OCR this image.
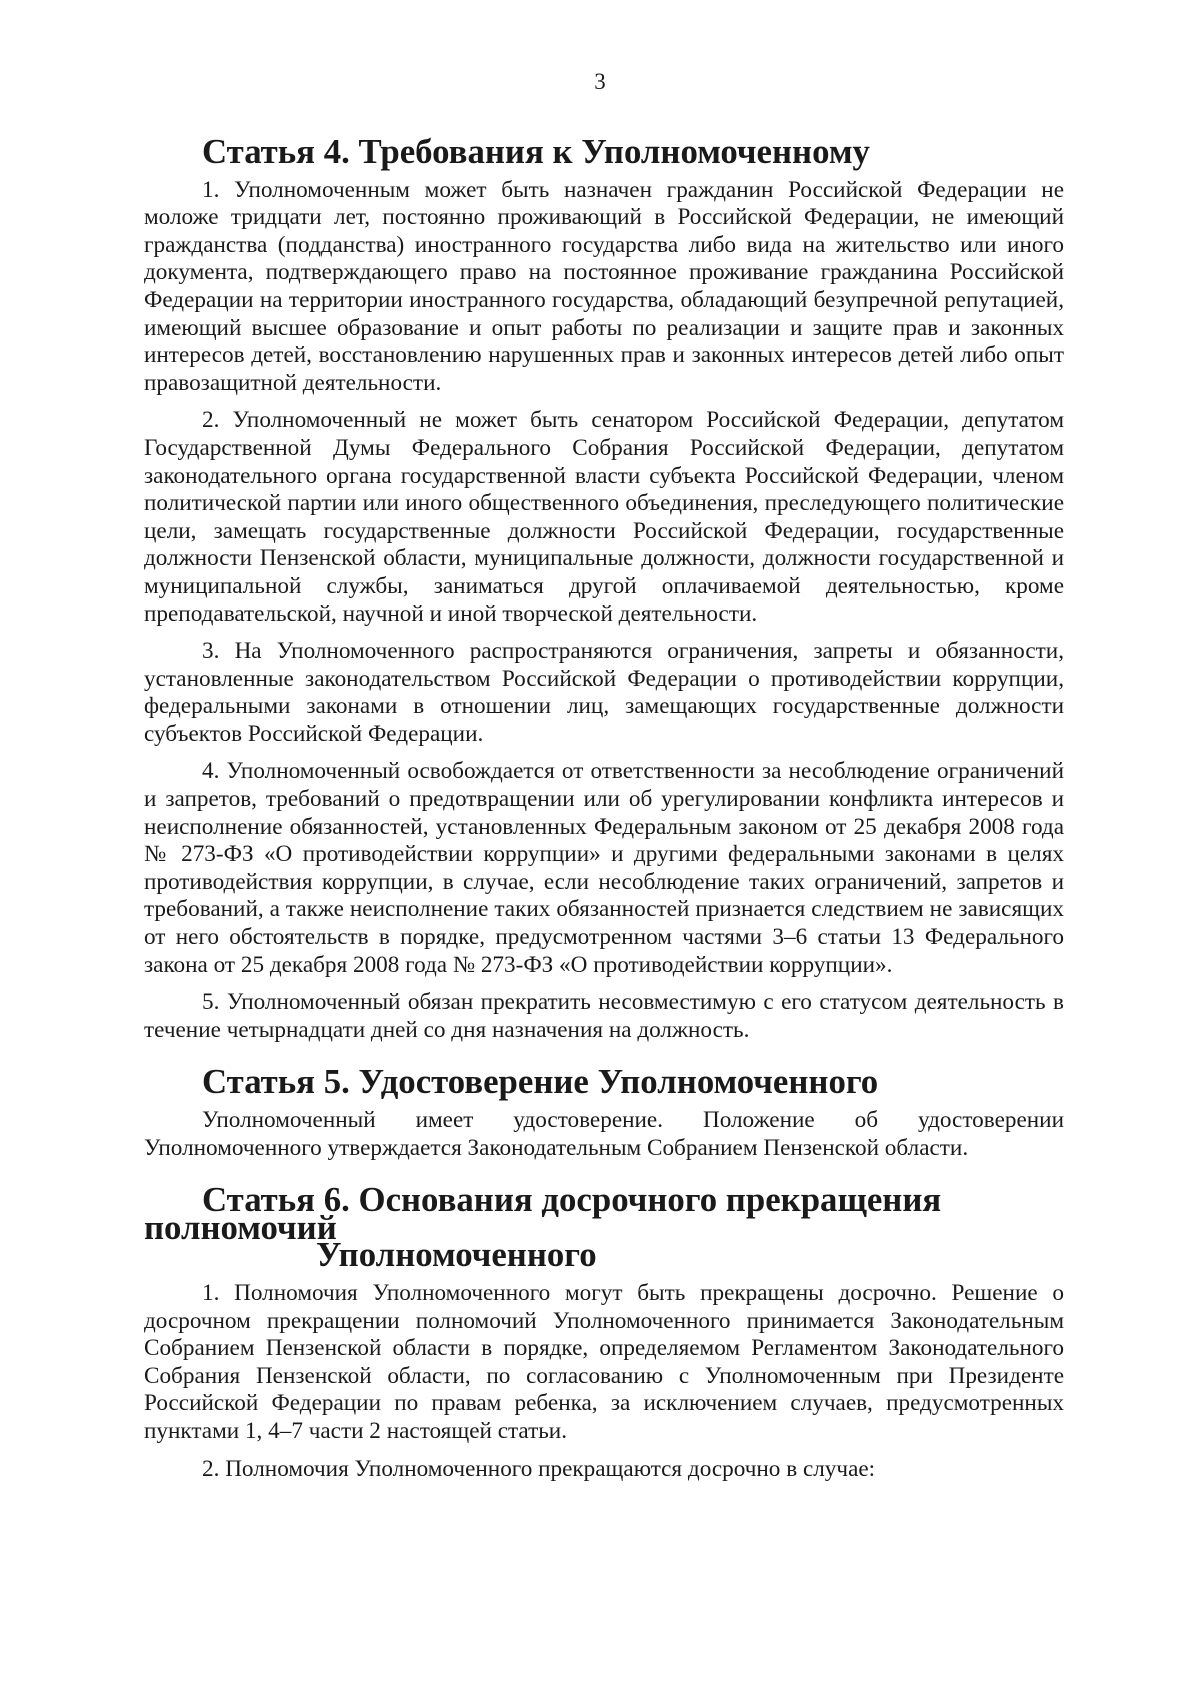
3
Статья 4. Требования к Уполномоченному

1. Уполномоченным может быть назначен гражданин Российской Федерации не моложе тридцати лет, постоянно проживающий в Российской Федерации, не имеющий гражданства (подданства) иностранного государства либо вида на жительство или иного документа, подтверждающего право на постоянное проживание гражданина Российской Федерации на территории иностранного государства, обладающий безупречной репутацией, имеющий высшее образование и опыт работы по реализации и защите прав и законных интересов детей, восстановлению нарушенных прав и законных интересов детей либо опыт правозащитной деятельности.

2. Уполномоченный не может быть сенатором Российской Федерации, депутатом Государственной Думы Федерального Собрания Российской Федерации, депутатом законодательного органа государственной власти субъекта Российской Федерации, членом политической партии или иного общественного объединения, преследующего политические цели, замещать государственные должности Российской Федерации, государственные должности Пензенской области, муниципальные должности, должности государственной и муниципальной службы, заниматься другой оплачиваемой деятельностью, кроме преподавательской, научной и иной творческой деятельности.

3. На Уполномоченного распространяются ограничения, запреты и обязанности, установленные законодательством Российской Федерации о противодействии коррупции, федеральными законами в отношении лиц, замещающих государственные должности субъектов Российской Федерации.

4. Уполномоченный освобождается от ответственности за несоблюдение ограничений и запретов, требований о предотвращении или об урегулировании конфликта интересов и неисполнение обязанностей, установленных Федеральным законом от 25 декабря 2008 года № 273-ФЗ «О противодействии коррупции» и другими федеральными законами в целях противодействия коррупции, в случае, если несоблюдение таких ограничений, запретов и требований, а также неисполнение таких обязанностей признается следствием не зависящих от него обстоятельств в порядке, предусмотренном частями 3–6 статьи 13 Федерального закона от 25 декабря 2008 года № 273-ФЗ «О противодействии коррупции».

5. Уполномоченный обязан прекратить несовместимую с его статусом деятельность в течение четырнадцати дней со дня назначения на должность.

Статья 5. Удостоверение Уполномоченного

Уполномоченный имеет удостоверение. Положение об удостоверении Уполномоченного утверждается Законодательным Собранием Пензенской области.

Статья 6. Основания досрочного прекращения полномочий
Уполномоченного

1. Полномочия Уполномоченного могут быть прекращены досрочно. Решение о досрочном прекращении полномочий Уполномоченного принимается Законодательным Собранием Пензенской области в порядке, определяемом Регламентом Законодательного Собрания Пензенской области, по согласованию с Уполномоченным при Президенте Российской Федерации по правам ребенка, за исключением случаев, предусмотренных пунктами 1, 4–7 части 2 настоящей статьи.

2. Полномочия Уполномоченного прекращаются досрочно в случае:
